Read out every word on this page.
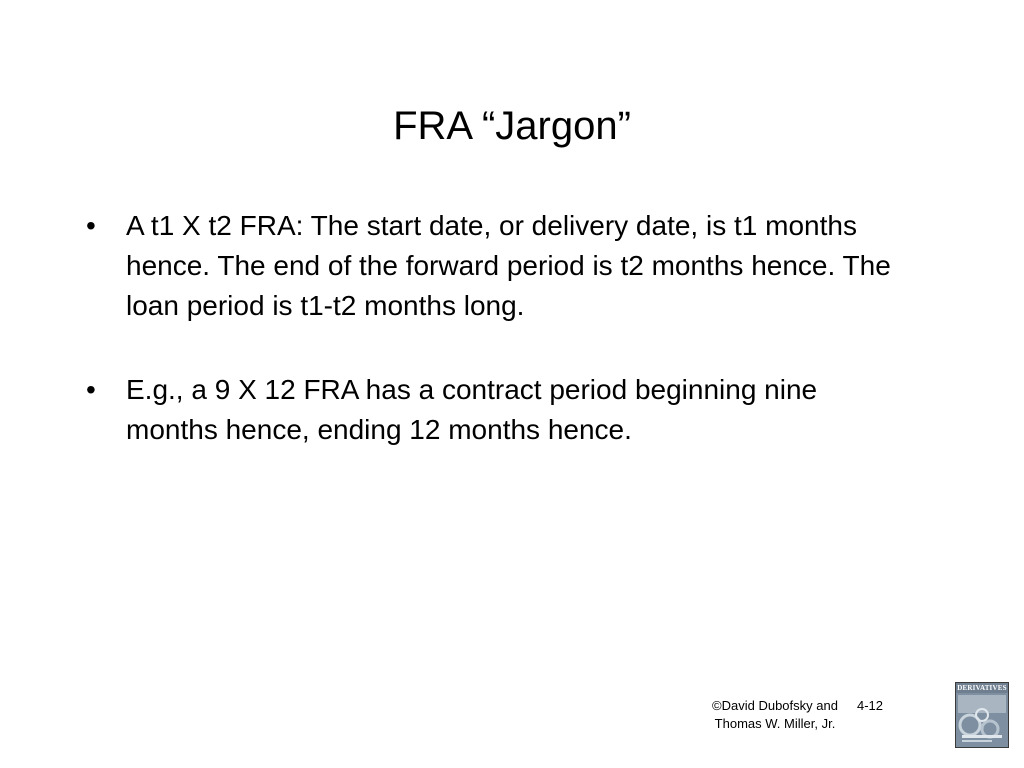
FRA “Jargon”
• A t1 X t2 FRA: The start date, or delivery date, is t1 months hence. The end of the forward period is t2 months hence. The loan period is t1-t2 months long.
• E.g., a 9 X 12 FRA has a contract period beginning nine months hence, ending 12 months hence.
©David Dubofsky and
Thomas W. Miller, Jr.
4-12
DERIVATIVES
